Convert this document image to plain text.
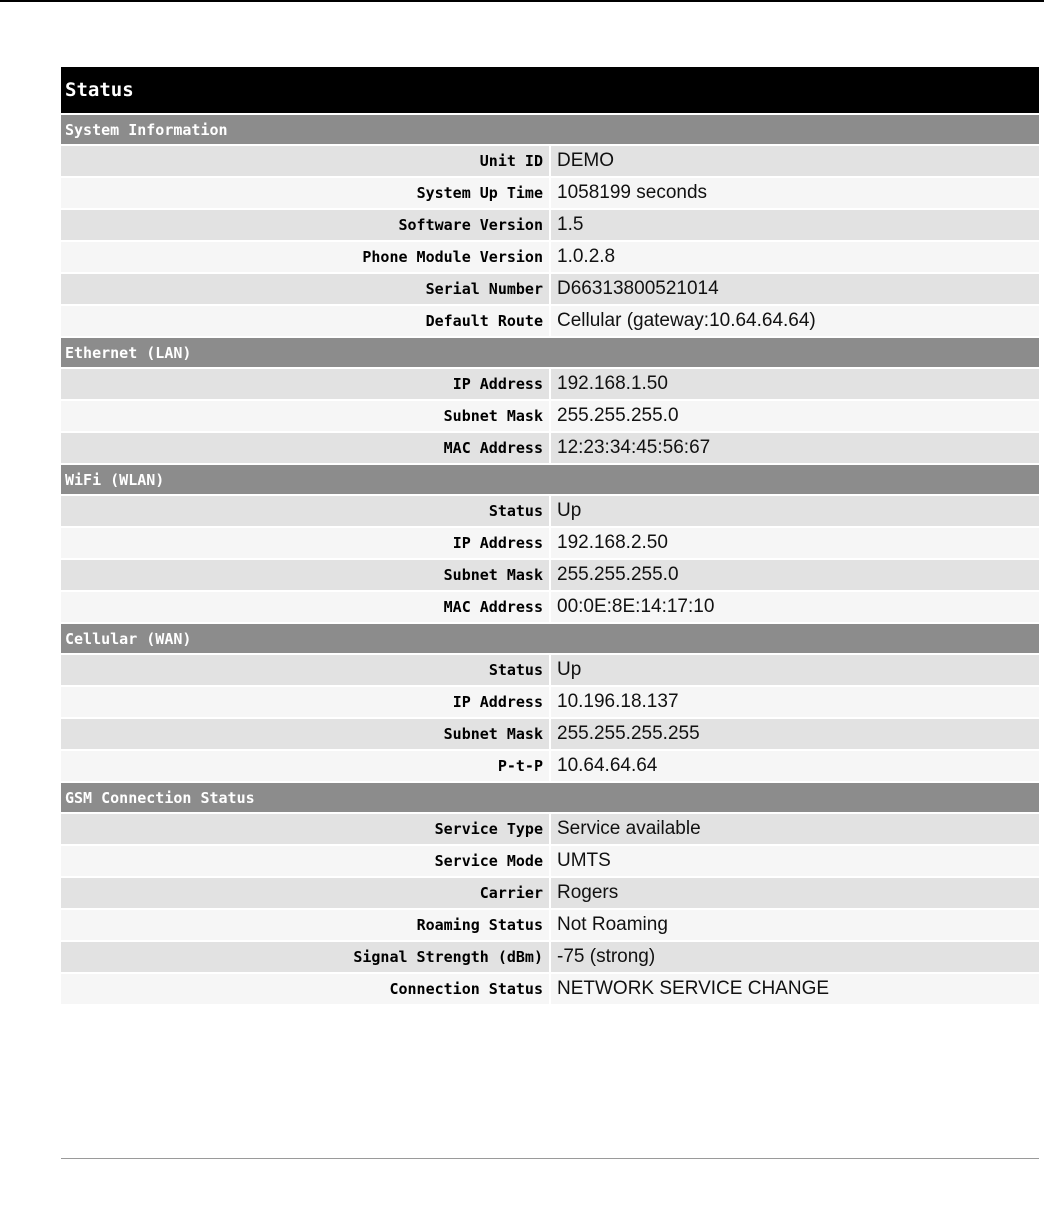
Status	
System Information	
Unit ID	DEMO
System Up Time	1058199 seconds
Software Version	1.5
Phone Module Version	1.0.2.8
Serial Number	D66313800521014
Default Route	Cellular (gateway:10.64.64.64)
Ethernet (LAN)	
IP Address	192.168.1.50
Subnet Mask	255.255.255.0
MAC Address	12:23:34:45:56:67
WiFi (WLAN)	
Status	Up
IP Address	192.168.2.50
Subnet Mask	255.255.255.0
MAC Address	00:0E:8E:14:17:10
Cellular (WAN)	
Status	Up
IP Address	10.196.18.137
Subnet Mask	255.255.255.255
P-t-P	10.64.64.64
GSM Connection Status	
Service Type	Service available
Service Mode	UMTS
Carrier	Rogers
Roaming Status	Not Roaming
Signal Strength (dBm)	-75 (strong)
Connection Status	NETWORK SERVICE CHANGE
